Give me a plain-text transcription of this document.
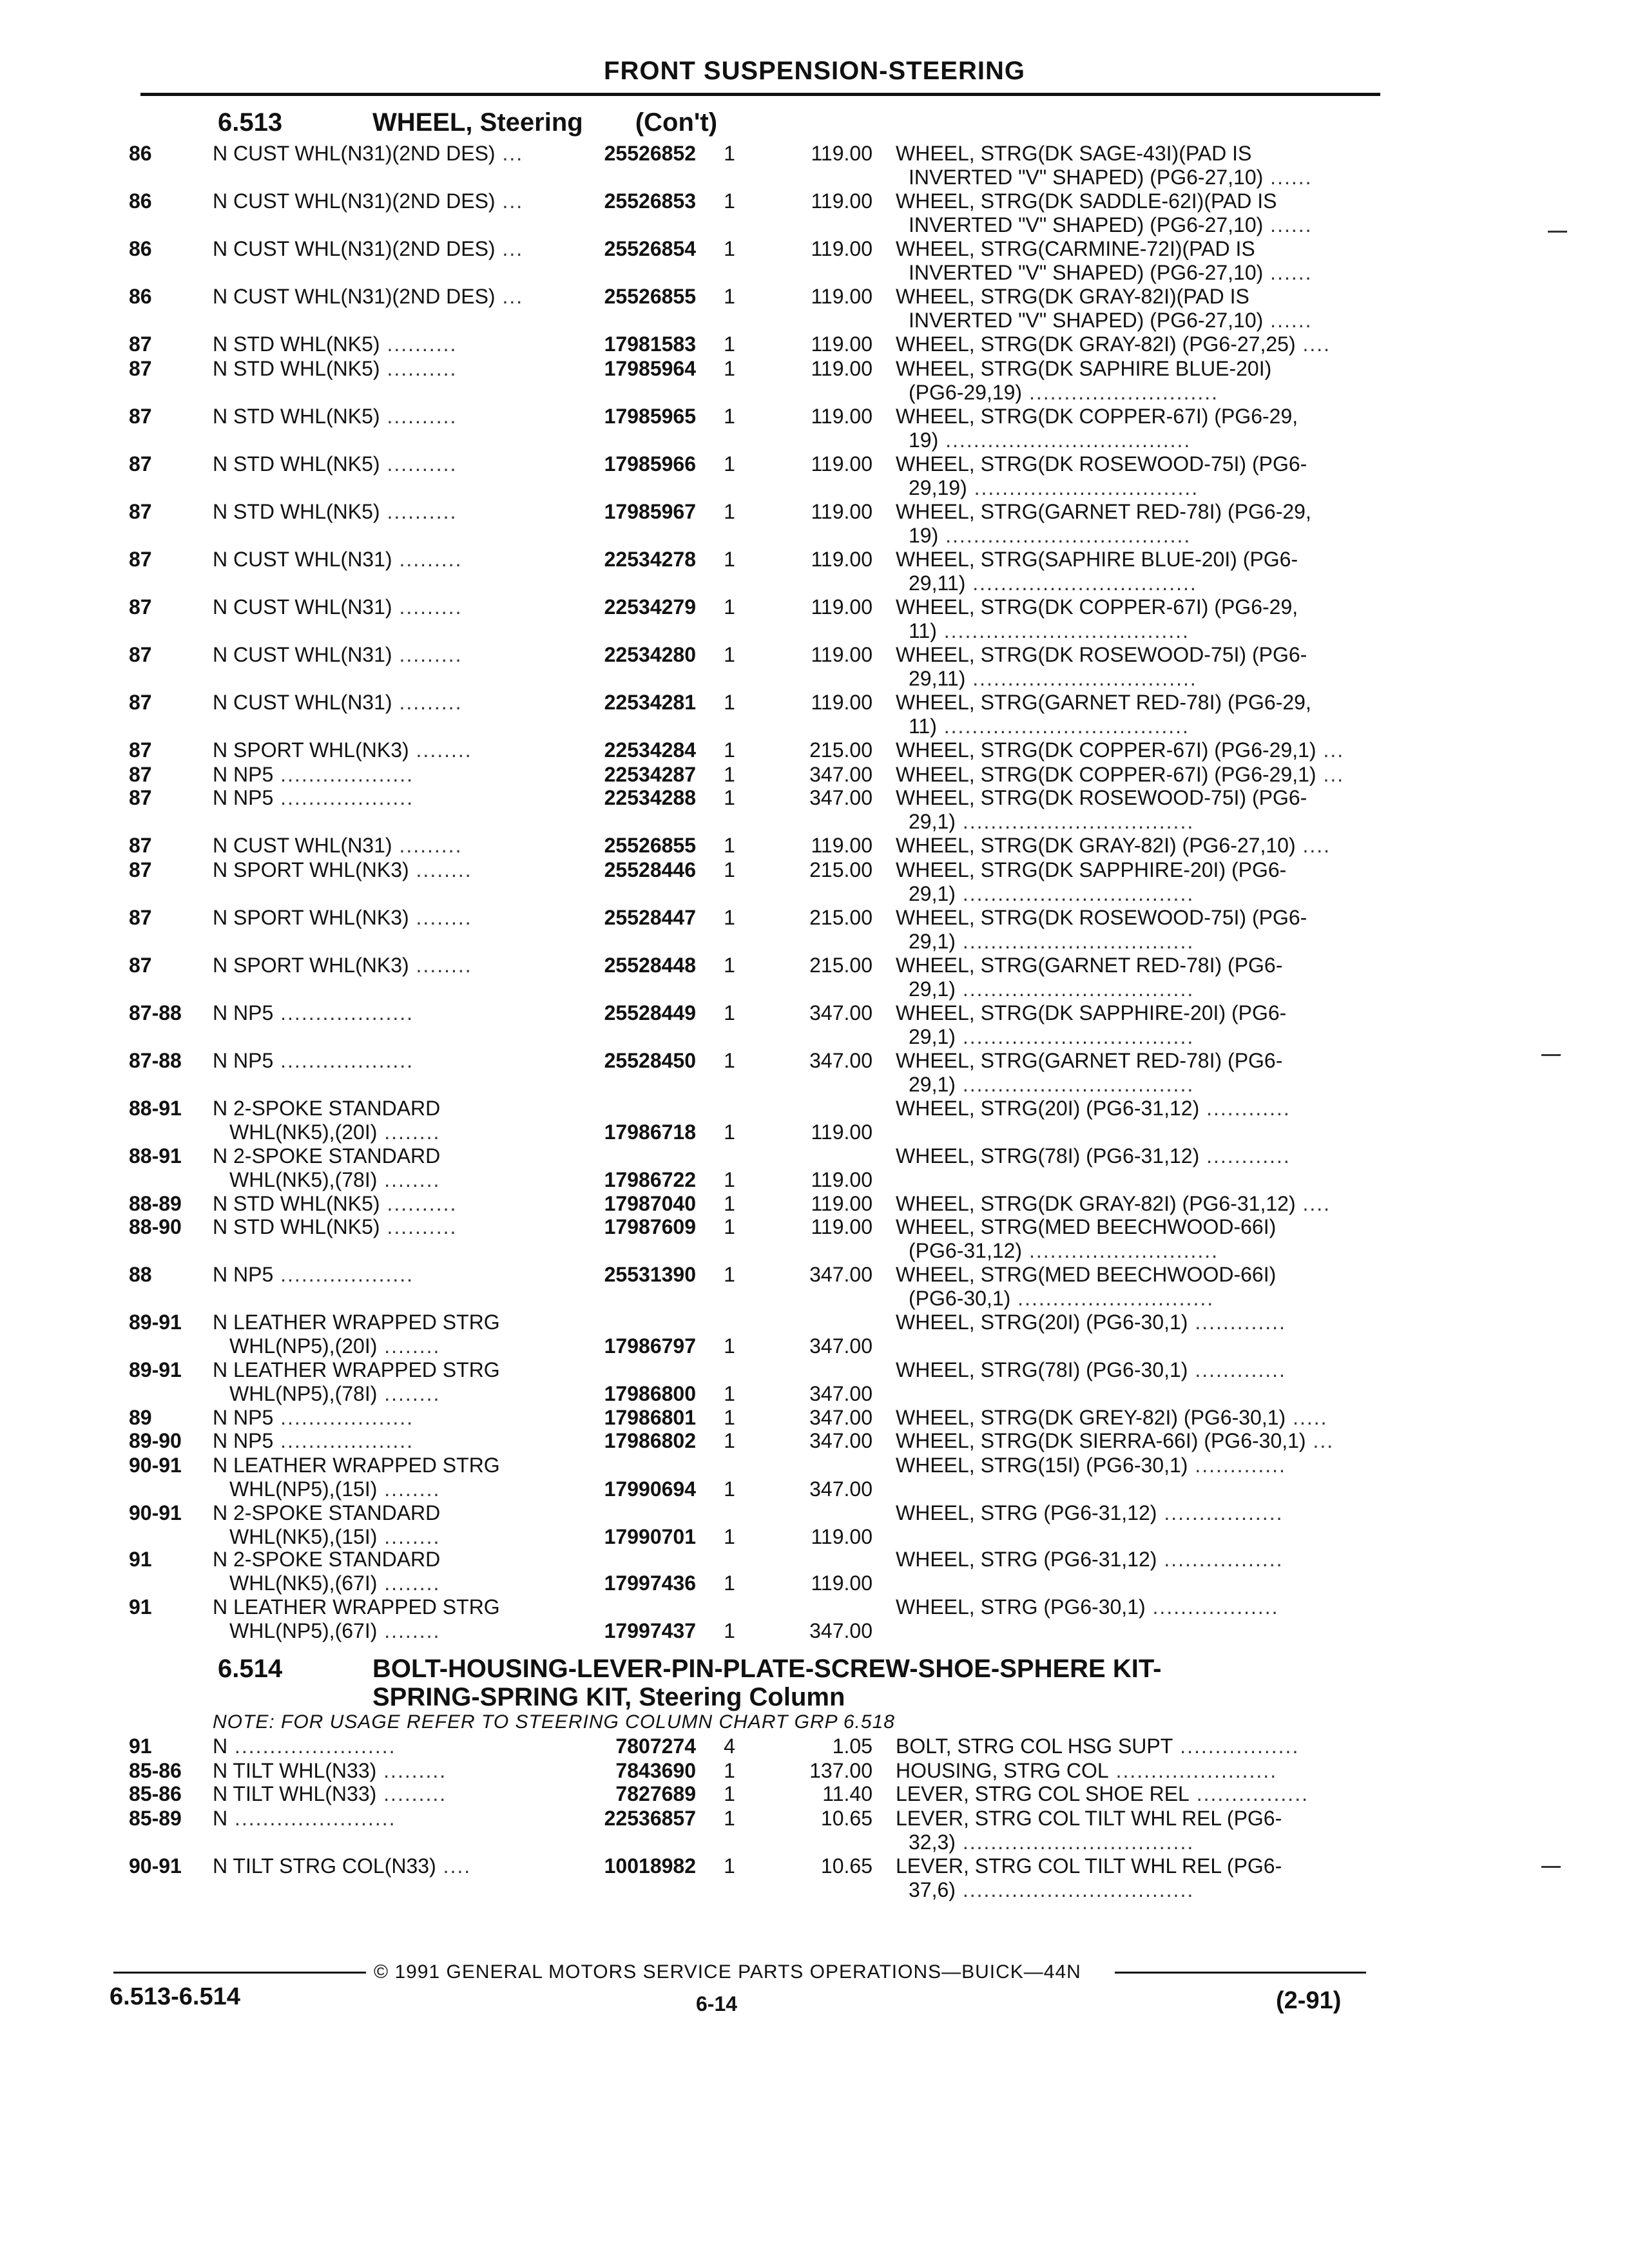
FRONT SUSPENSION-STEERING
6.513	WHEEL, Steering (Con't)
86	N CUST WHL(N31)(2ND DES) ...	25526852	1	119.00 WHEEL, STRG(DK SAGE-43I)(PAD IS
INVERTED "V" SHAPED) (PG6-27,10) ......
86	N CUST WHL(N31)(2ND DES) ...	25526853	1	119.00 WHEEL, STRG(DK SADDLE-62I)(PAD IS
INVERTED "V" SHAPED) (PG6-27,10) ......
86	N CUST WHL(N31)(2ND DES) ...	25526854	1	119.00 WHEEL, STRG(CARMINE-72I)(PAD IS
INVERTED "V" SHAPED) (PG6-27,10) ......
86	N CUST WHL(N31)(2ND DES) ...	25526855	1	119.00 WHEEL, STRG(DK GRAY-82I)(PAD IS
INVERTED "V" SHAPED) (PG6-27,10) ......
87	N STD WHL(NK5) ..........	17981583	1	119.00 WHEEL, STRG(DK GRAY-82I) (PG6-27,25) ....
87	N STD WHL(NK5) ..........	17985964	1	119.00 WHEEL, STRG(DK SAPHIRE BLUE-20I)
(PG6-29,19) ...........................
87	N STD WHL(NK5) ..........	17985965	1	119.00 WHEEL, STRG(DK COPPER-67I) (PG6-29,
19) ...................................
87	N STD WHL(NK5) ..........	17985966	1	119.00 WHEEL, STRG(DK ROSEWOOD-75I) (PG6-
29,19) ................................
87	N STD WHL(NK5) ..........	17985967	1	119.00 WHEEL, STRG(GARNET RED-78I) (PG6-29,
19) ...................................
87	N CUST WHL(N31) .........	22534278	1	119.00 WHEEL, STRG(SAPHIRE BLUE-20I) (PG6-
29,11) ................................
87	N CUST WHL(N31) .........	22534279	1	119.00 WHEEL, STRG(DK COPPER-67I) (PG6-29,
11) ...................................
87	N CUST WHL(N31) .........	22534280	1	119.00 WHEEL, STRG(DK ROSEWOOD-75I) (PG6-
29,11) ................................
87	N CUST WHL(N31) .........	22534281	1	119.00 WHEEL, STRG(GARNET RED-78I) (PG6-29,
11) ...................................
87	N SPORT WHL(NK3) ........	22534284	1	215.00 WHEEL, STRG(DK COPPER-67I) (PG6-29,1) ...
87	N NP5 ...................	22534287	1	347.00 WHEEL, STRG(DK COPPER-67I) (PG6-29,1) ...
87	N NP5 ...................	22534288	1	347.00 WHEEL, STRG(DK ROSEWOOD-75I) (PG6-
29,1) .................................
87	N CUST WHL(N31) .........	25526855	1	119.00 WHEEL, STRG(DK GRAY-82I) (PG6-27,10) ....
87	N SPORT WHL(NK3) ........	25528446	1	215.00 WHEEL, STRG(DK SAPPHIRE-20I) (PG6-
29,1) .................................
87	N SPORT WHL(NK3) ........	25528447	1	215.00 WHEEL, STRG(DK ROSEWOOD-75I) (PG6-
29,1) .................................
87	N SPORT WHL(NK3) ........	25528448	1	215.00 WHEEL, STRG(GARNET RED-78I) (PG6-
29,1) .................................
87-88 N NP5 ...................	25528449	1	347.00 WHEEL, STRG(DK SAPPHIRE-20I) (PG6-
29,1) .................................
87-88 N NP5 ...................	25528450	1	347.00 WHEEL, STRG(GARNET RED-78I) (PG6-
29,1) .................................
88-91 N 2-SPOKE STANDARD
WHL(NK5),(20I) ........	17986718	1	119.00
WHEEL, STRG(20I) (PG6-31,12) ............
88-91 N 2-SPOKE STANDARD
WHL(NK5),(78I) ........	17986722	1	119.00
WHEEL, STRG(78I) (PG6-31,12) ............
88-89 N STD WHL(NK5) ..........	17987040	1	119.00 WHEEL, STRG(DK GRAY-82I) (PG6-31,12) ....
88-90 N STD WHL(NK5) ..........	17987609	1	119.00 WHEEL, STRG(MED BEECHWOOD-66I)
(PG6-31,12) ...........................
88	N NP5 ...................	25531390	1	347.00 WHEEL, STRG(MED BEECHWOOD-66I)
(PG6-30,1) ............................
89-91 N LEATHER WRAPPED STRG
WHL(NP5),(20I) ........	17986797	1	347.00
WHEEL, STRG(20I) (PG6-30,1) .............
89-91 N LEATHER WRAPPED STRG
WHL(NP5),(78I) ........	17986800	1	347.00
WHEEL, STRG(78I) (PG6-30,1) .............
89	N NP5 ...................	17986801	1	347.00 WHEEL, STRG(DK GREY-82I) (PG6-30,1) .....
89-90 N NP5 ...................	17986802	1	347.00 WHEEL, STRG(DK SIERRA-66I) (PG6-30,1) ...
90-91 N LEATHER WRAPPED STRG
WHL(NP5),(15I) ........	17990694	1	347.00
WHEEL, STRG(15I) (PG6-30,1) .............
90-91 N 2-SPOKE STANDARD
WHL(NK5),(15I) ........	17990701	1	119.00
WHEEL, STRG (PG6-31,12) .................
91	N 2-SPOKE STANDARD
WHL(NK5),(67I) ........	17997436	1	119.00
WHEEL, STRG (PG6-31,12) .................
91	N LEATHER WRAPPED STRG
WHL(NP5),(67I) ........	17997437	1	347.00
WHEEL, STRG (PG6-30,1) ..................
6.514	BOLT-HOUSING-LEVER-PIN-PLATE-SCREW-SHOE-SPHERE KIT-
SPRING-SPRING KIT, Steering Column
NOTE: FOR USAGE REFER TO STEERING COLUMN CHART GRP 6.518
91	N .......................	7807274	4	1.05 BOLT, STRG COL HSG SUPT .................
85-86 N TILT WHL(N33) .........	7843690	1	137.00 HOUSING, STRG COL .......................
85-86 N TILT WHL(N33) .........	7827689	1	11.40 LEVER, STRG COL SHOE REL ................
85-89 N .......................	22536857	1	10.65 LEVER, STRG COL TILT WHL REL (PG6-
32,3) .................................
90-91 N TILT STRG COL(N33) ....	10018982	1	10.65 LEVER, STRG COL TILT WHL REL (PG6-
37,6) .................................
© 1991 GENERAL MOTORS SERVICE PARTS OPERATIONS—BUICK—44N
6.513-6.514	6-14	(2-91)
